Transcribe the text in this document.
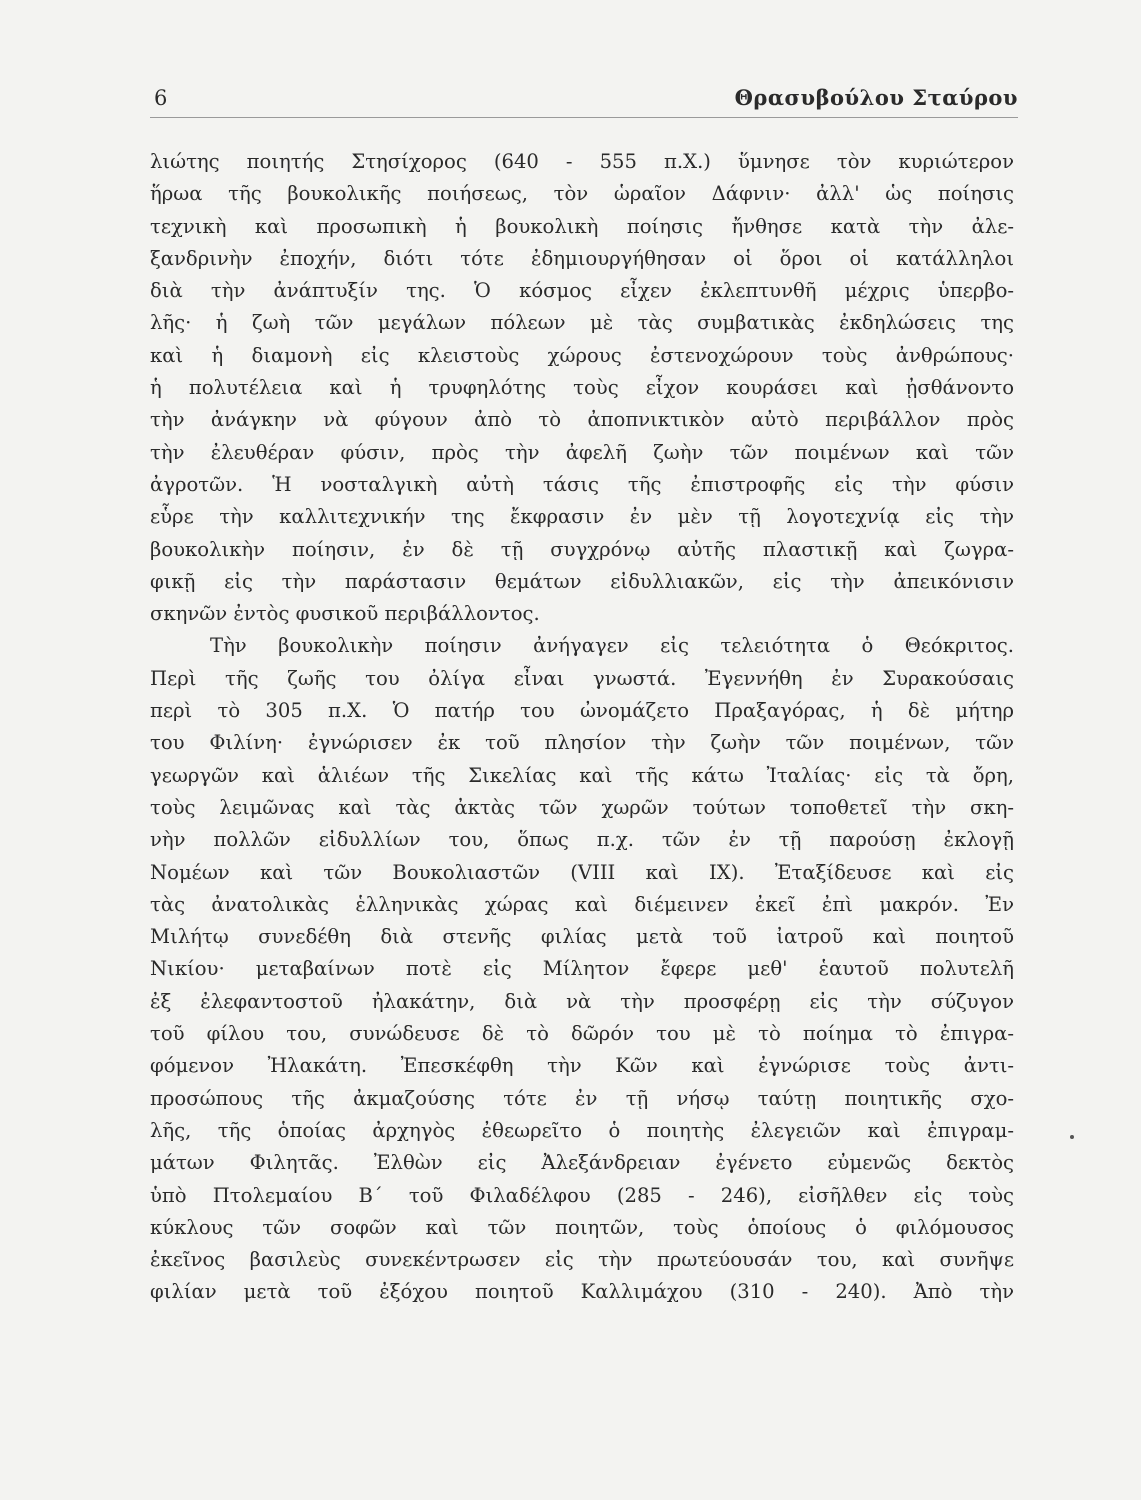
6	Θρασυβούλου Σταύρου
λιώτης ποιητής Στησίχορος (640 - 555 π.Χ.) ὕμνησε τὸν κυριώτερον
ἥρωα τῆς βουκολικῆς ποιήσεως, τὸν ὡραῖον Δάφνιν· ἀλλ' ὡς ποίησις
τεχνικὴ καὶ προσωπικὴ ἡ βουκολικὴ ποίησις ἤνθησε κατὰ τὴν ἀλε-
ξανδρινὴν ἐποχήν, διότι τότε ἐδημιουργήθησαν οἱ ὅροι οἱ κατάλληλοι
διὰ τὴν ἀνάπτυξίν της. Ὁ κόσμος εἶχεν ἐκλεπτυνθῆ μέχρις ὑπερβο-
λῆς· ἡ ζωὴ τῶν μεγάλων πόλεων μὲ τὰς συμβατικὰς ἐκδηλώσεις της
καὶ ἡ διαμονὴ εἰς κλειστοὺς χώρους ἐστενοχώρουν τοὺς ἀνθρώπους·
ἡ πολυτέλεια καὶ ἡ τρυφηλότης τοὺς εἶχον κουράσει καὶ ᾐσθάνοντο
τὴν ἀνάγκην νὰ φύγουν ἀπὸ τὸ ἀποπνικτικὸν αὐτὸ περιβάλλον πρὸς
τὴν ἐλευθέραν φύσιν, πρὸς τὴν ἀφελῆ ζωὴν τῶν ποιμένων καὶ τῶν
ἀγροτῶν. Ἡ νοσταλγικὴ αὐτὴ τάσις τῆς ἐπιστροφῆς εἰς τὴν φύσιν
εὗρε τὴν καλλιτεχνικήν της ἔκφρασιν ἐν μὲν τῇ λογοτεχνίᾳ εἰς τὴν
βουκολικὴν ποίησιν, ἐν δὲ τῇ συγχρόνῳ αὐτῆς πλαστικῇ καὶ ζωγρα-
φικῇ εἰς τὴν παράστασιν θεμάτων εἰδυλλιακῶν, εἰς τὴν ἀπεικόνισιν
σκηνῶν ἐντὸς φυσικοῦ περιβάλλοντος.
Τὴν βουκολικὴν ποίησιν ἀνήγαγεν εἰς τελειότητα ὁ Θεόκριτος.
Περὶ τῆς ζωῆς του ὀλίγα εἶναι γνωστά. Ἐγεννήθη ἐν Συρακούσαις
περὶ τὸ 305 π.Χ. Ὁ πατήρ του ὠνομάζετο Πραξαγόρας, ἡ δὲ μήτηρ
του Φιλίνη· ἐγνώρισεν ἐκ τοῦ πλησίον τὴν ζωὴν τῶν ποιμένων, τῶν
γεωργῶν καὶ ἁλιέων τῆς Σικελίας καὶ τῆς κάτω Ἰταλίας· εἰς τὰ ὄρη,
τοὺς λειμῶνας καὶ τὰς ἀκτὰς τῶν χωρῶν τούτων τοποθετεῖ τὴν σκη-
νὴν πολλῶν εἰδυλλίων του, ὅπως π.χ. τῶν ἐν τῇ παρούσῃ ἐκλογῇ
Νομέων καὶ τῶν Βουκολιαστῶν (VIII καὶ IX). Ἐταξίδευσε καὶ εἰς
τὰς ἀνατολικὰς ἑλληνικὰς χώρας καὶ διέμεινεν ἐκεῖ ἐπὶ μακρόν. Ἐν
Μιλήτῳ συνεδέθη διὰ στενῆς φιλίας μετὰ τοῦ ἰατροῦ καὶ ποιητοῦ
Νικίου· μεταβαίνων ποτὲ εἰς Μίλητον ἔφερε μεθ' ἑαυτοῦ πολυτελῆ
ἐξ ἐλεφαντοστοῦ ἠλακάτην, διὰ νὰ τὴν προσφέρῃ εἰς τὴν σύζυγον
τοῦ φίλου του, συνώδευσε δὲ τὸ δῶρόν του μὲ τὸ ποίημα τὸ ἐπιγρα-
φόμενον Ἠλακάτη. Ἐπεσκέφθη τὴν Κῶν καὶ ἐγνώρισε τοὺς ἀντι-
προσώπους τῆς ἀκμαζούσης τότε ἐν τῇ νήσῳ ταύτῃ ποιητικῆς σχο-
λῆς, τῆς ὁποίας ἀρχηγὸς ἐθεωρεῖτο ὁ ποιητὴς ἐλεγειῶν καὶ ἐπιγραμ-
μάτων Φιλητᾶς. Ἐλθὼν εἰς Ἀλεξάνδρειαν ἐγένετο εὐμενῶς δεκτὸς
ὑπὸ Πτολεμαίου Β΄ τοῦ Φιλαδέλφου (285 - 246), εἰσῆλθεν εἰς τοὺς
κύκλους τῶν σοφῶν καὶ τῶν ποιητῶν, τοὺς ὁποίους ὁ φιλόμουσος
ἐκεῖνος βασιλεὺς συνεκέντρωσεν εἰς τὴν πρωτεύουσάν του, καὶ συνῆψε
φιλίαν μετὰ τοῦ ἐξόχου ποιητοῦ Καλλιμάχου (310 - 240). Ἀπὸ τὴν
